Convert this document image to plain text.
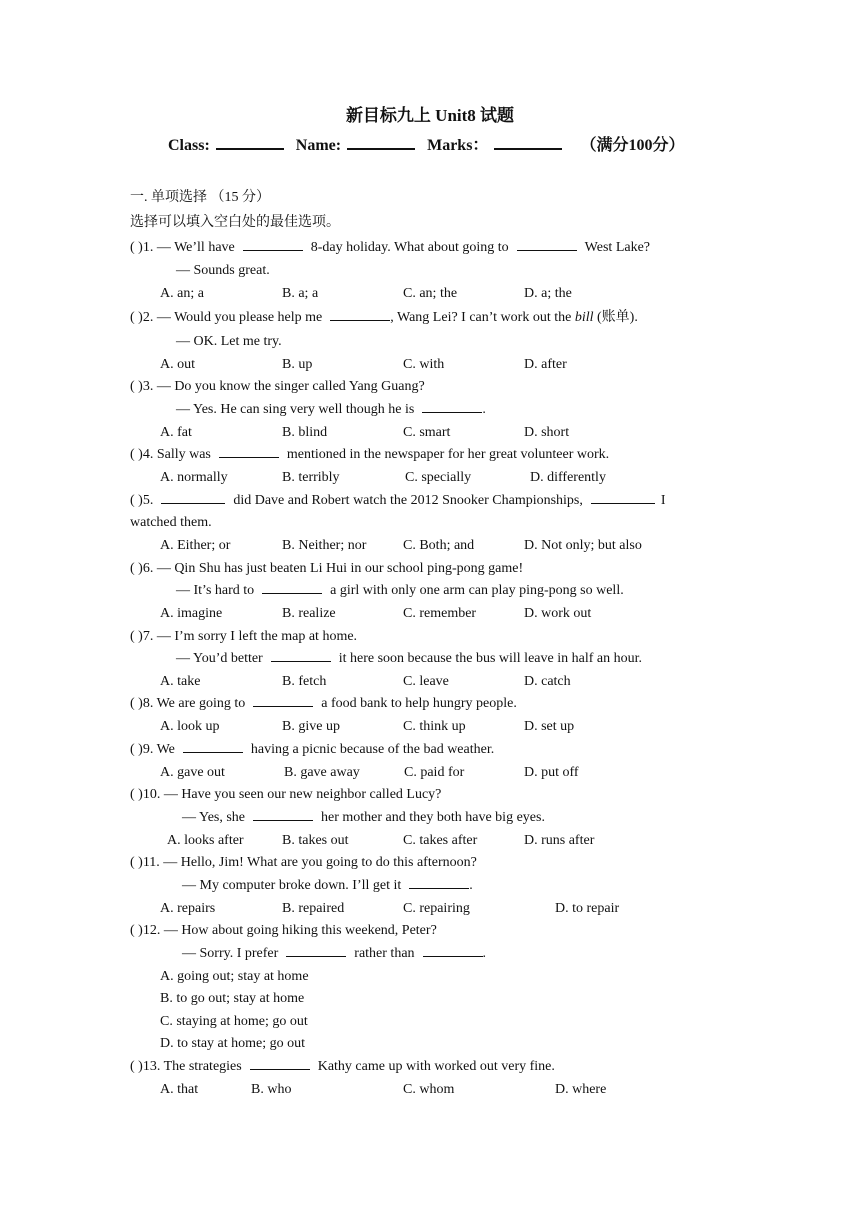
新目标九上 Unit8 试题
Class:	Name:	Marks：	（满分100分）
一. 单项选择 （15 分）
选择可以填入空白处的最佳选项。
( )1. — We’ll have	8-day holiday. What about going to	West Lake?
— Sounds great.
A. an; a	B. a; a	C. an; the	D. a; the
( )2. — Would you please help me	, Wang Lei? I can’t work out the bill (账单).
— OK. Let me try.
A. out	B. up	C. with	D. after
( )3. — Do you know the singer called Yang Guang?
— Yes. He can sing very well though he is	.
A. fat	B. blind	C. smart	D. short
( )4. Sally was	mentioned in the newspaper for her great volunteer work.
A. normally	B. terribly	C. specially	D. differently
( )5.	did Dave and Robert watch the 2012 Snooker Championships,	I
watched them.
A. Either; or	B. Neither; nor	C. Both; and	D. Not only; but also
( )6. — Qin Shu has just beaten Li Hui in our school ping-pong game!
— It’s hard to	a girl with only one arm can play ping-pong so well.
A. imagine	B. realize	C. remember	D. work out
( )7. — I’m sorry I left the map at home.
— You’d better	it here soon because the bus will leave in half an hour.
A. take	B. fetch	C. leave	D. catch
( )8. We are going to	a food bank to help hungry people.
A. look up	B. give up	C. think up	D. set up
( )9. We	having a picnic because of the bad weather.
A. gave out	B. gave away	C. paid for	D. put off
( )10. — Have you seen our new neighbor called Lucy?
— Yes, she	her mother and they both have big eyes.
A. looks after	B. takes out	C. takes after	D. runs after
( )11. — Hello, Jim! What are you going to do this afternoon?
— My computer broke down. I’ll get it	.
A. repairs	B. repaired	C. repairing	D. to repair
( )12. — How about going hiking this weekend, Peter?
— Sorry. I prefer	rather than	.
A. going out; stay at home
B. to go out; stay at home
C. staying at home; go out
D. to stay at home; go out
( )13. The strategies	Kathy came up with worked out very fine.
A. that	B. who	C. whom	D. where
